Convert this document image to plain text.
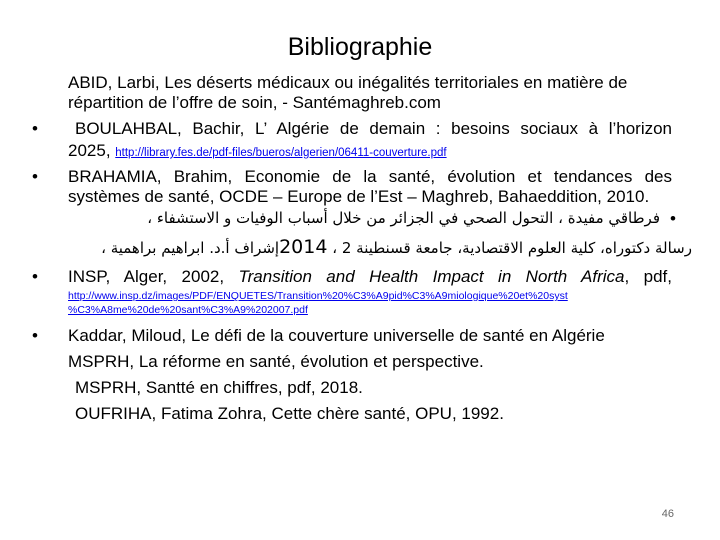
Bibliographie
ABID, Larbi, Les déserts médicaux ou inégalités territoriales en matière de
répartition de l’offre de soin, - Santémaghreb.com
• BOULAHBAL, Bachir, L’ Algérie de demain : besoins sociaux à l’horizon
2025, http://library.fes.de/pdf-files/bueros/algerien/06411-couverture.pdf
• BRAHAMIA, Brahim, Economie de la santé, évolution et tendances des
systèmes de santé, OCDE – Europe de l’Est – Maghreb, Bahaeddition, 2010.
•
فرطاقي مفيدة ، التحول الصحي في الجزائر من خلال أسباب الوفيات و الاستشفاء ،
رسالة دكتوراه، كلية العلوم الاقتصادية، جامعة قسنطينة 2 ، 2014إشراف أ.د. ابراهيم براهمية ،
• INSP, Alger, 2002, Transition and Health Impact in North Africa, pdf,
http://www.insp.dz/images/PDF/ENQUETES/Transition%20%C3%A9pid%C3%A9miologique%20et%20syst
%C3%A8me%20de%20sant%C3%A9%202007.pdf
• Kaddar, Miloud, Le défi de la couverture universelle de santé en Algérie
MSPRH, La réforme en santé, évolution et perspective.
MSPRH, Santté en chiffres, pdf, 2018.
OUFRIHA, Fatima Zohra, Cette chère santé, OPU, 1992.
46
